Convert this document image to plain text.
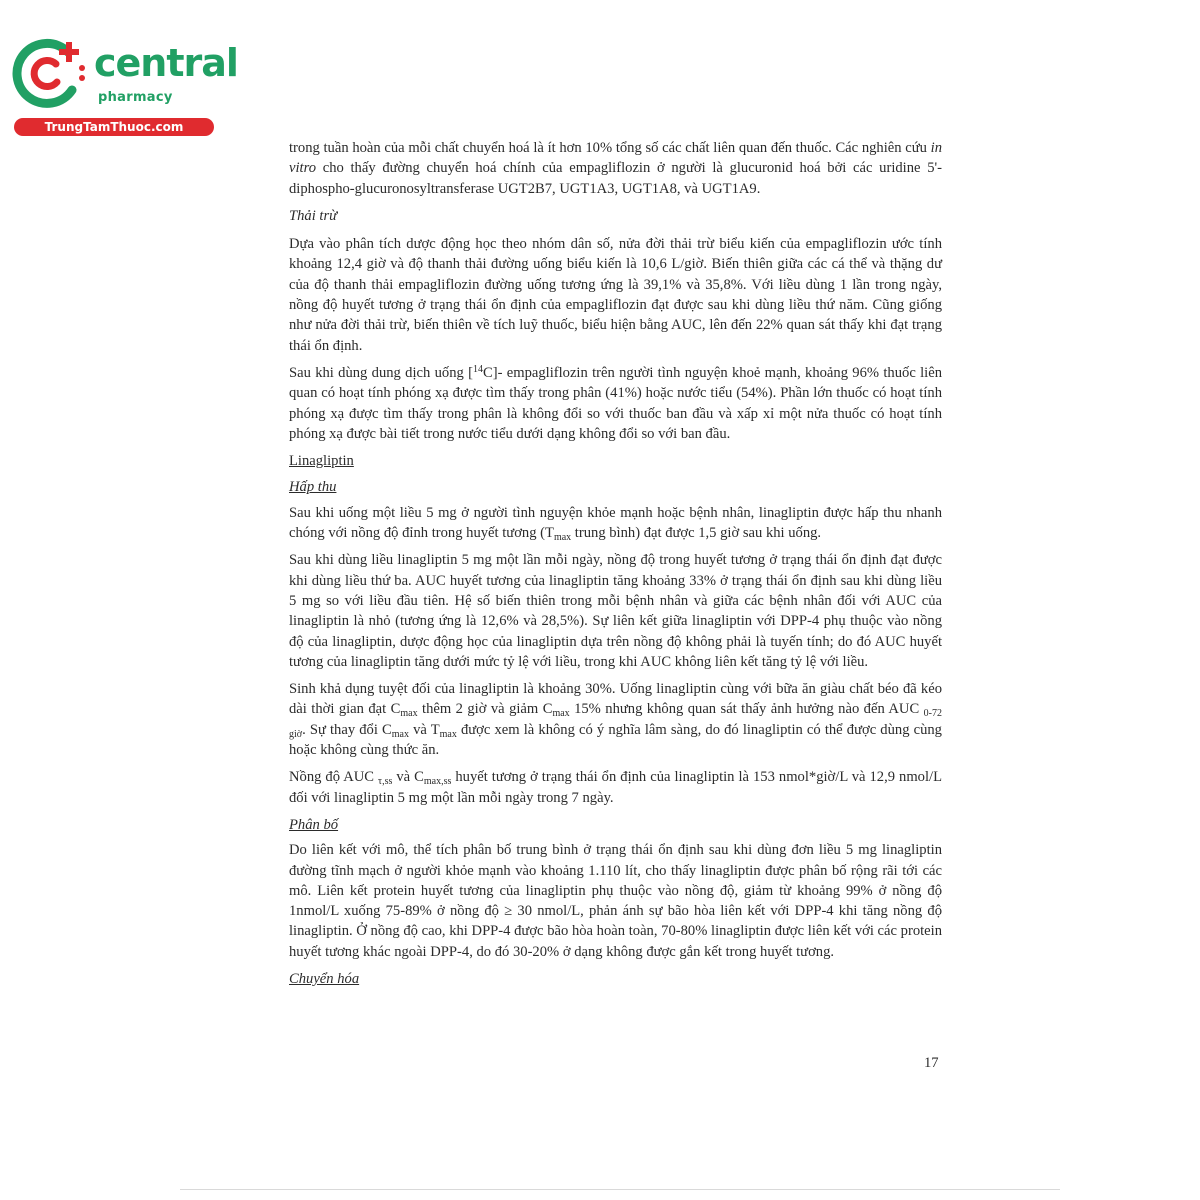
central
pharmacy
TrungTamThuoc.com

trong tuần hoàn của mỗi chất chuyển hoá là ít hơn 10% tổng số các chất liên quan đến thuốc. Các nghiên cứu in vitro cho thấy đường chuyển hoá chính của empagliflozin ở người là glucuronid hoá bởi các uridine 5'-diphospho-glucuronosyltransferase UGT2B7, UGT1A3, UGT1A8, và UGT1A9.

Thải trừ

Dựa vào phân tích dược động học theo nhóm dân số, nửa đời thải trừ biểu kiến của empagliflozin ước tính khoảng 12,4 giờ và độ thanh thải đường uống biểu kiến là 10,6 L/giờ. Biến thiên giữa các cá thể và thặng dư của độ thanh thải empagliflozin đường uống tương ứng là 39,1% và 35,8%. Với liều dùng 1 lần trong ngày, nồng độ huyết tương ở trạng thái ổn định của empagliflozin đạt được sau khi dùng liều thứ năm. Cũng giống như nửa đời thải trừ, biến thiên về tích luỹ thuốc, biểu hiện bằng AUC, lên đến 22% quan sát thấy khi đạt trạng thái ổn định.

Sau khi dùng dung dịch uống [$^{14}$C]- empagliflozin trên người tình nguyện khoẻ mạnh, khoảng 96% thuốc liên quan có hoạt tính phóng xạ được tìm thấy trong phân (41%) hoặc nước tiểu (54%). Phần lớn thuốc có hoạt tính phóng xạ được tìm thấy trong phân là không đổi so với thuốc ban đầu và xấp xỉ một nửa thuốc có hoạt tính phóng xạ được bài tiết trong nước tiểu dưới dạng không đổi so với ban đầu.

Linagliptin
Hấp thu

Sau khi uống một liều 5 mg ở người tình nguyện khỏe mạnh hoặc bệnh nhân, linagliptin được hấp thu nhanh chóng với nồng độ đỉnh trong huyết tương ($T_{max}$ trung bình) đạt được 1,5 giờ sau khi uống.

Sau khi dùng liều linagliptin 5 mg một lần mỗi ngày, nồng độ trong huyết tương ở trạng thái ổn định đạt được khi dùng liều thứ ba. AUC huyết tương của linagliptin tăng khoảng 33% ở trạng thái ổn định sau khi dùng liều 5 mg so với liều đầu tiên. Hệ số biến thiên trong mỗi bệnh nhân và giữa các bệnh nhân đối với AUC của linagliptin là nhỏ (tương ứng là 12,6% và 28,5%). Sự liên kết giữa linagliptin với DPP-4 phụ thuộc vào nồng độ của linagliptin, dược động học của linagliptin dựa trên nồng độ không phải là tuyến tính; do đó AUC huyết tương của linagliptin tăng dưới mức tỷ lệ với liều, trong khi AUC không liên kết tăng tỷ lệ với liều.

Sinh khả dụng tuyệt đối của linagliptin là khoảng 30%. Uống linagliptin cùng với bữa ăn giàu chất béo đã kéo dài thời gian đạt $C_{max}$ thêm 2 giờ và giảm $C_{max}$ 15% nhưng không quan sát thấy ảnh hưởng nào đến AUC $_{0-72 giờ}$. Sự thay đổi $C_{max}$ và $T_{max}$ được xem là không có ý nghĩa lâm sàng, do đó linagliptin có thể được dùng cùng hoặc không cùng thức ăn.

Nồng độ AUC $_{\tau,ss}$ và $C_{max,ss}$ huyết tương ở trạng thái ổn định của linagliptin là 153 nmol*giờ/L và 12,9 nmol/L đối với linagliptin 5 mg một lần mỗi ngày trong 7 ngày.

Phân bố

Do liên kết với mô, thể tích phân bố trung bình ở trạng thái ổn định sau khi dùng đơn liều 5 mg linagliptin đường tĩnh mạch ở người khỏe mạnh vào khoảng 1.110 lít, cho thấy linagliptin được phân bố rộng rãi tới các mô. Liên kết protein huyết tương của linagliptin phụ thuộc vào nồng độ, giảm từ khoảng 99% ở nồng độ 1nmol/L xuống 75-89% ở nồng độ ≥ 30 nmol/L, phản ánh sự bão hòa liên kết với DPP-4 khi tăng nồng độ linagliptin. Ở nồng độ cao, khi DPP-4 được bão hòa hoàn toàn, 70-80% linagliptin được liên kết với các protein huyết tương khác ngoài DPP-4, do đó 30-20% ở dạng không được gắn kết trong huyết tương.

Chuyển hóa
17
